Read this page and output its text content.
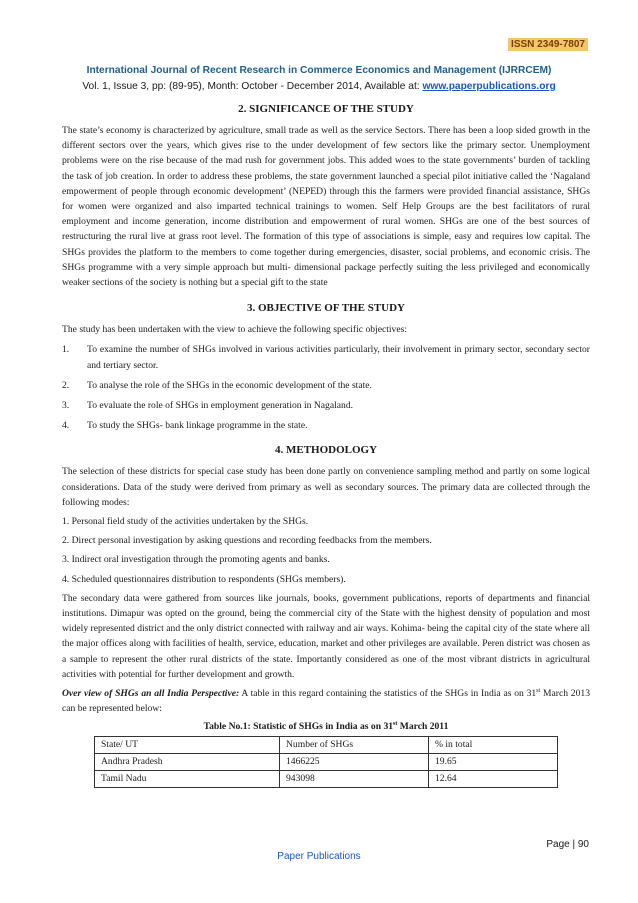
ISSN 2349-7807
International Journal of Recent Research in Commerce Economics and Management (IJRRCEM)
Vol. 1, Issue 3, pp: (89-95), Month: October - December 2014, Available at: www.paperpublications.org
2. SIGNIFICANCE OF THE STUDY

The state’s economy is characterized by agriculture, small trade as well as the service Sectors. There has been a loop sided growth in the different sectors over the years, which gives rise to the under development of few sectors like the primary sector. Unemployment problems were on the rise because of the mad rush for government jobs. This added woes to the state governments’ burden of tackling the task of job creation. In order to address these problems, the state government launched a special pilot initiative called the ‘Nagaland empowerment of people through economic development’ (NEPED) through this the farmers were provided financial assistance, SHGs for women were organized and also imparted technical trainings to women. Self Help Groups are the best facilitators of rural employment and income generation, income distribution and empowerment of rural women. SHGs are one of the best sources of restructuring the rural live at grass root level. The formation of this type of associations is simple, easy and requires low capital. The SHGs provides the platform to the members to come together during emergencies, disaster, social problems, and economic crisis. The SHGs programme with a very simple approach but multi- dimensional package perfectly suiting the less privileged and economically weaker sections of the society is nothing but a special gift to the state

3. OBJECTIVE OF THE STUDY

The study has been undertaken with the view to achieve the following specific objectives:

1.	To examine the number of SHGs involved in various activities particularly, their involvement in primary sector, secondary sector and tertiary sector.
2.	To analyse the role of the SHGs in the economic development of the state.
3.	To evaluate the role of SHGs in employment generation in Nagaland.
4.	To study the SHGs- bank linkage programme in the state.
4. METHODOLOGY

The selection of these districts for special case study has been done partly on convenience sampling method and partly on some logical considerations. Data of the study were derived from primary as well as secondary sources. The primary data are collected through the following modes:

1. Personal field study of the activities undertaken by the SHGs.

2. Direct personal investigation by asking questions and recording feedbacks from the members.

3. Indirect oral investigation through the promoting agents and banks.

4. Scheduled questionnaires distribution to respondents (SHGs members).

The secondary data were gathered from sources like journals, books, government publications, reports of departments and financial institutions. Dimapur was opted on the ground, being the commercial city of the State with the highest density of population and most widely represented district and the only district connected with railway and air ways. Kohima- being the capital city of the state where all the major offices along with facilities of health, service, education, market and other privileges are available. Peren district was chosen as a sample to represent the other rural districts of the state. Importantly considered as one of the most vibrant districts in agricultural activities with potential for further development and growth.

Over view of SHGs an all India Perspective: A table in this regard containing the statistics of the SHGs in India as on 31st March 2013 can be represented below:

Table No.1: Statistic of SHGs in India as on 31st March 2011
State/ UT	Number of SHGs	% in total
Andhra Pradesh	1466225	19.65
Tamil Nadu	943098	12.64
Page | 90
Paper Publications
